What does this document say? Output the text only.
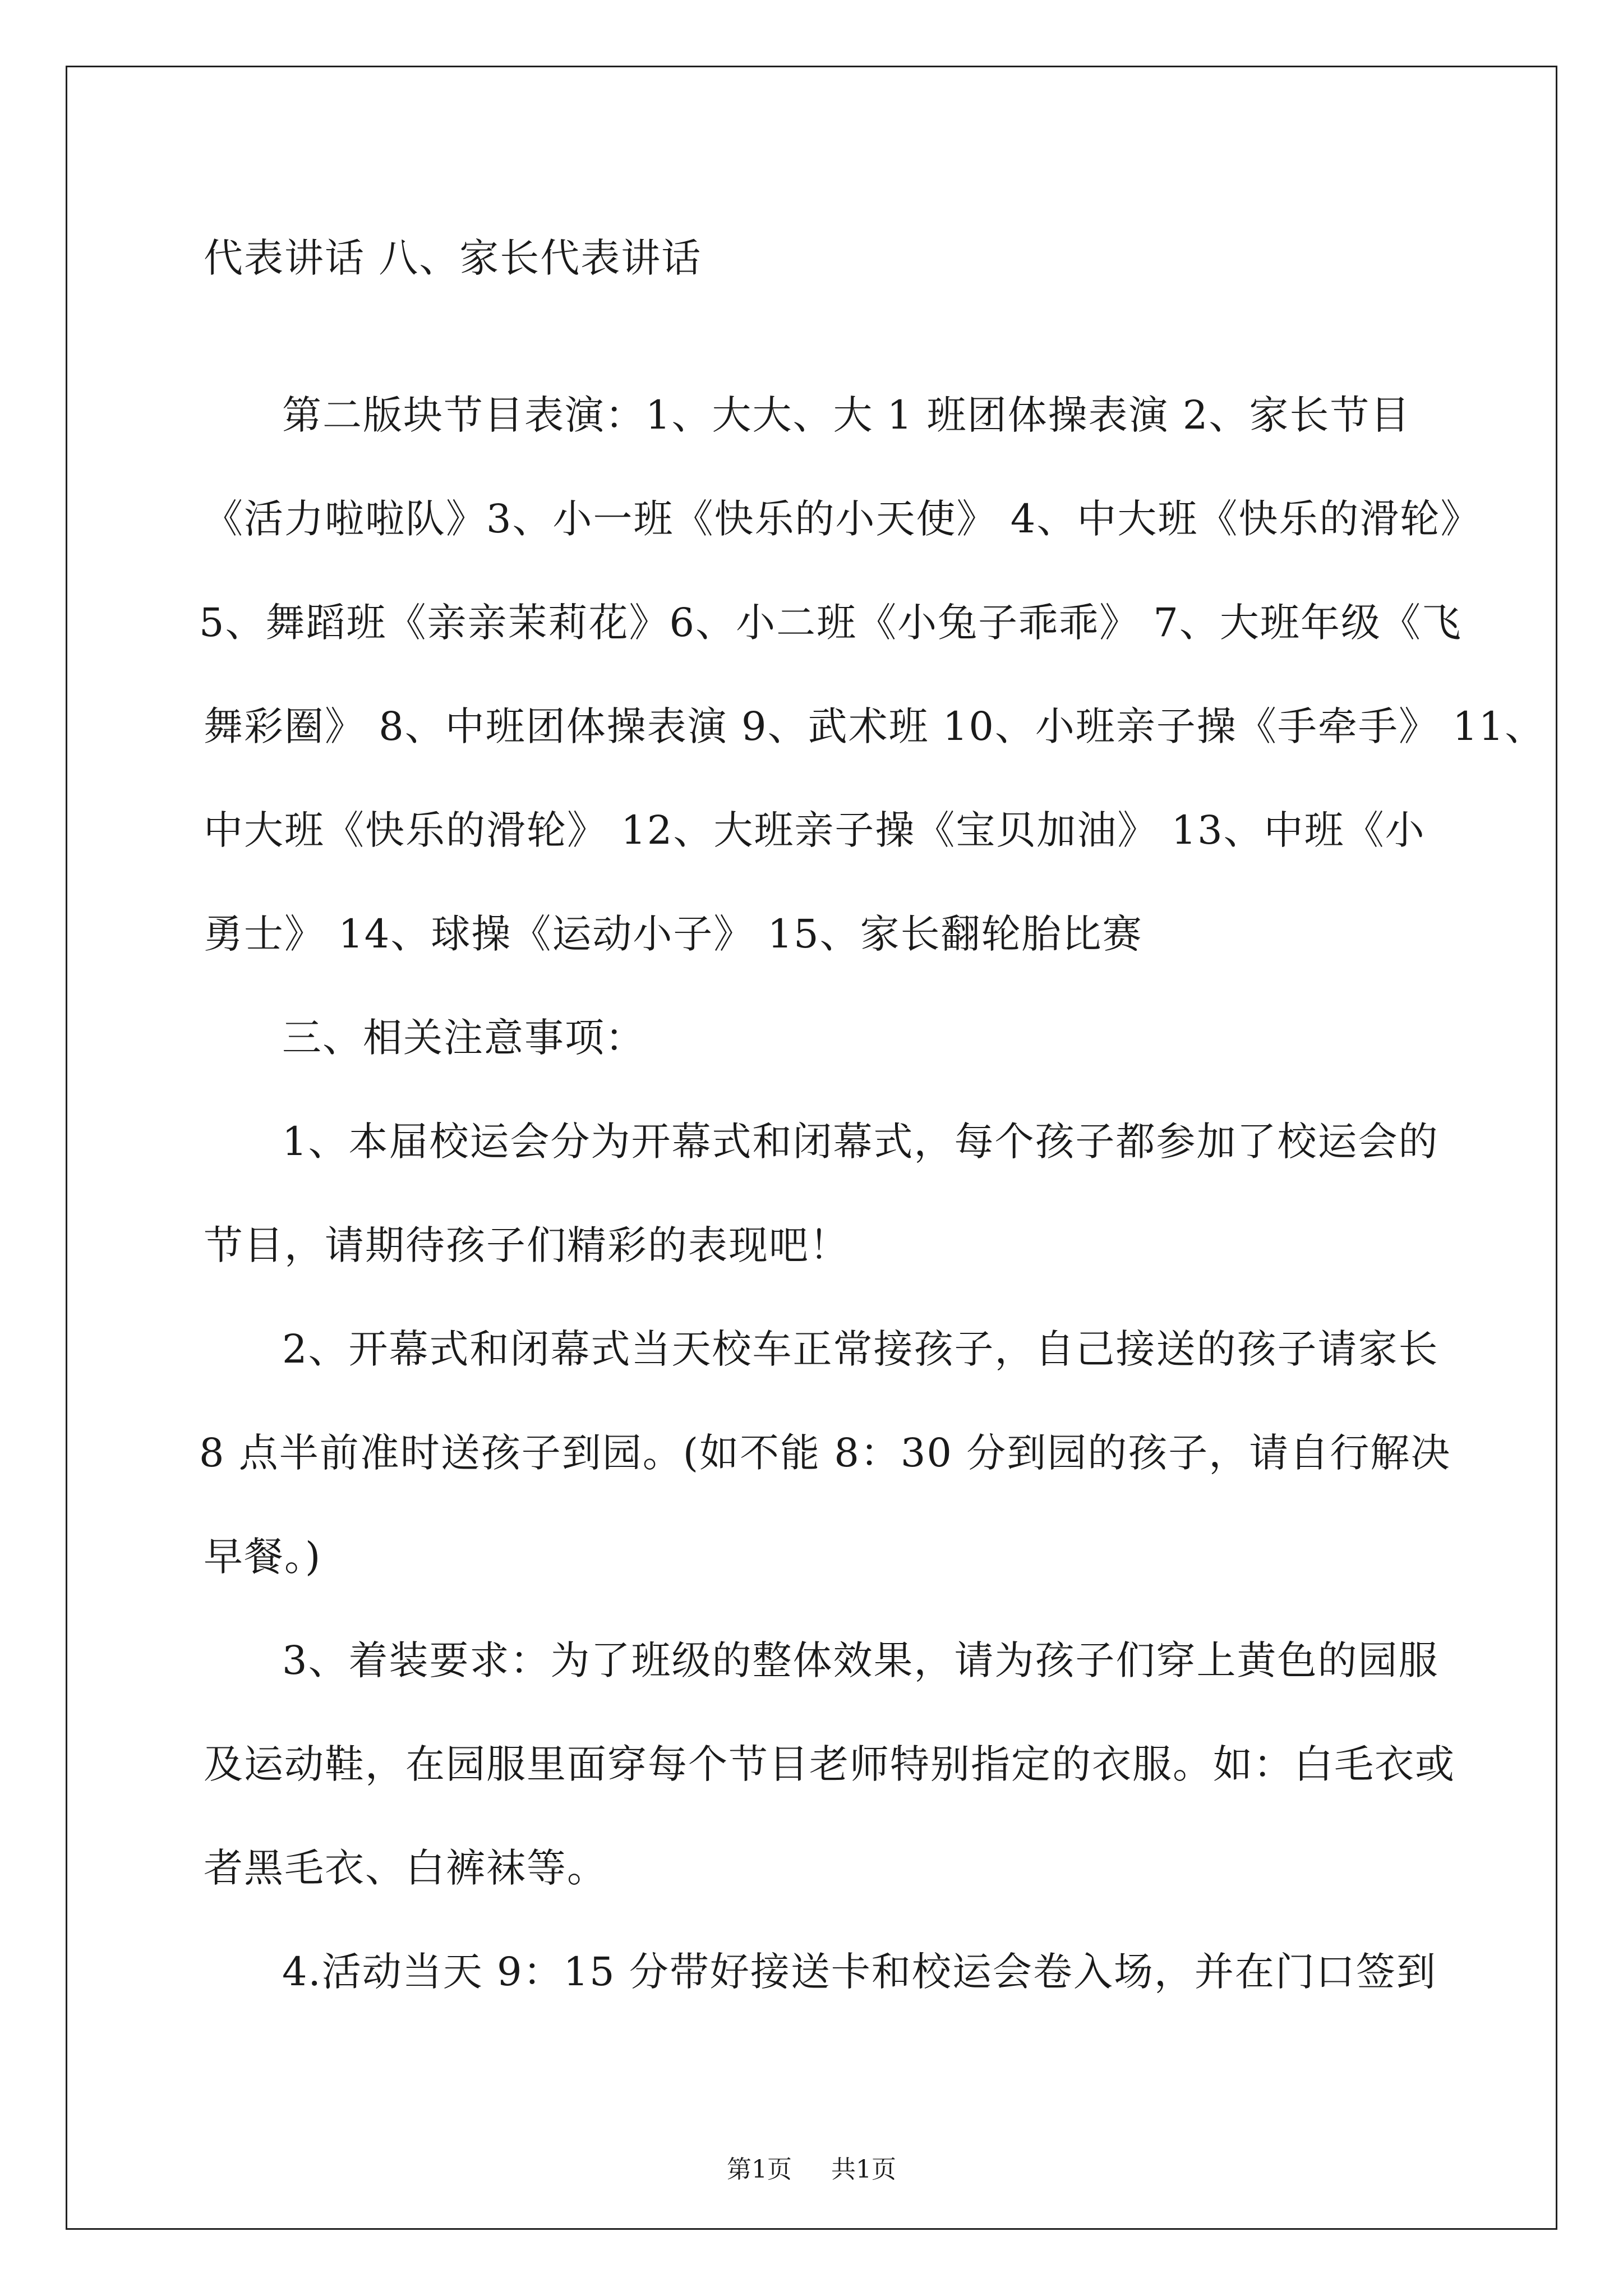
代表讲话 八、家长代表讲话
第二版块节目表演：1、大大、大 1 班团体操表演 2、家长节目
《活力啦啦队》3、小一班《快乐的小天使》 4、中大班《快乐的滑轮》
5、舞蹈班《亲亲茉莉花》6、小二班《小兔子乖乖》 7、大班年级《飞
舞彩圈》 8、中班团体操表演 9、武术班 10、小班亲子操《手牵手》 11、
中大班《快乐的滑轮》 12、大班亲子操《宝贝加油》 13、中班《小
勇士》 14、球操《运动小子》 15、家长翻轮胎比赛
三、相关注意事项：
1、本届校运会分为开幕式和闭幕式，每个孩子都参加了校运会的
节目，请期待孩子们精彩的表现吧！
2、开幕式和闭幕式当天校车正常接孩子，自己接送的孩子请家长
8 点半前准时送孩子到园。(如不能 8：30 分到园的孩子，请自行解决
早餐。)
3、着装要求：为了班级的整体效果，请为孩子们穿上黄色的园服
及运动鞋，在园服里面穿每个节目老师特别指定的衣服。如：白毛衣或
者黑毛衣、白裤袜等。
4.活动当天 9：15 分带好接送卡和校运会卷入场，并在门口签到
第1页 共1页
